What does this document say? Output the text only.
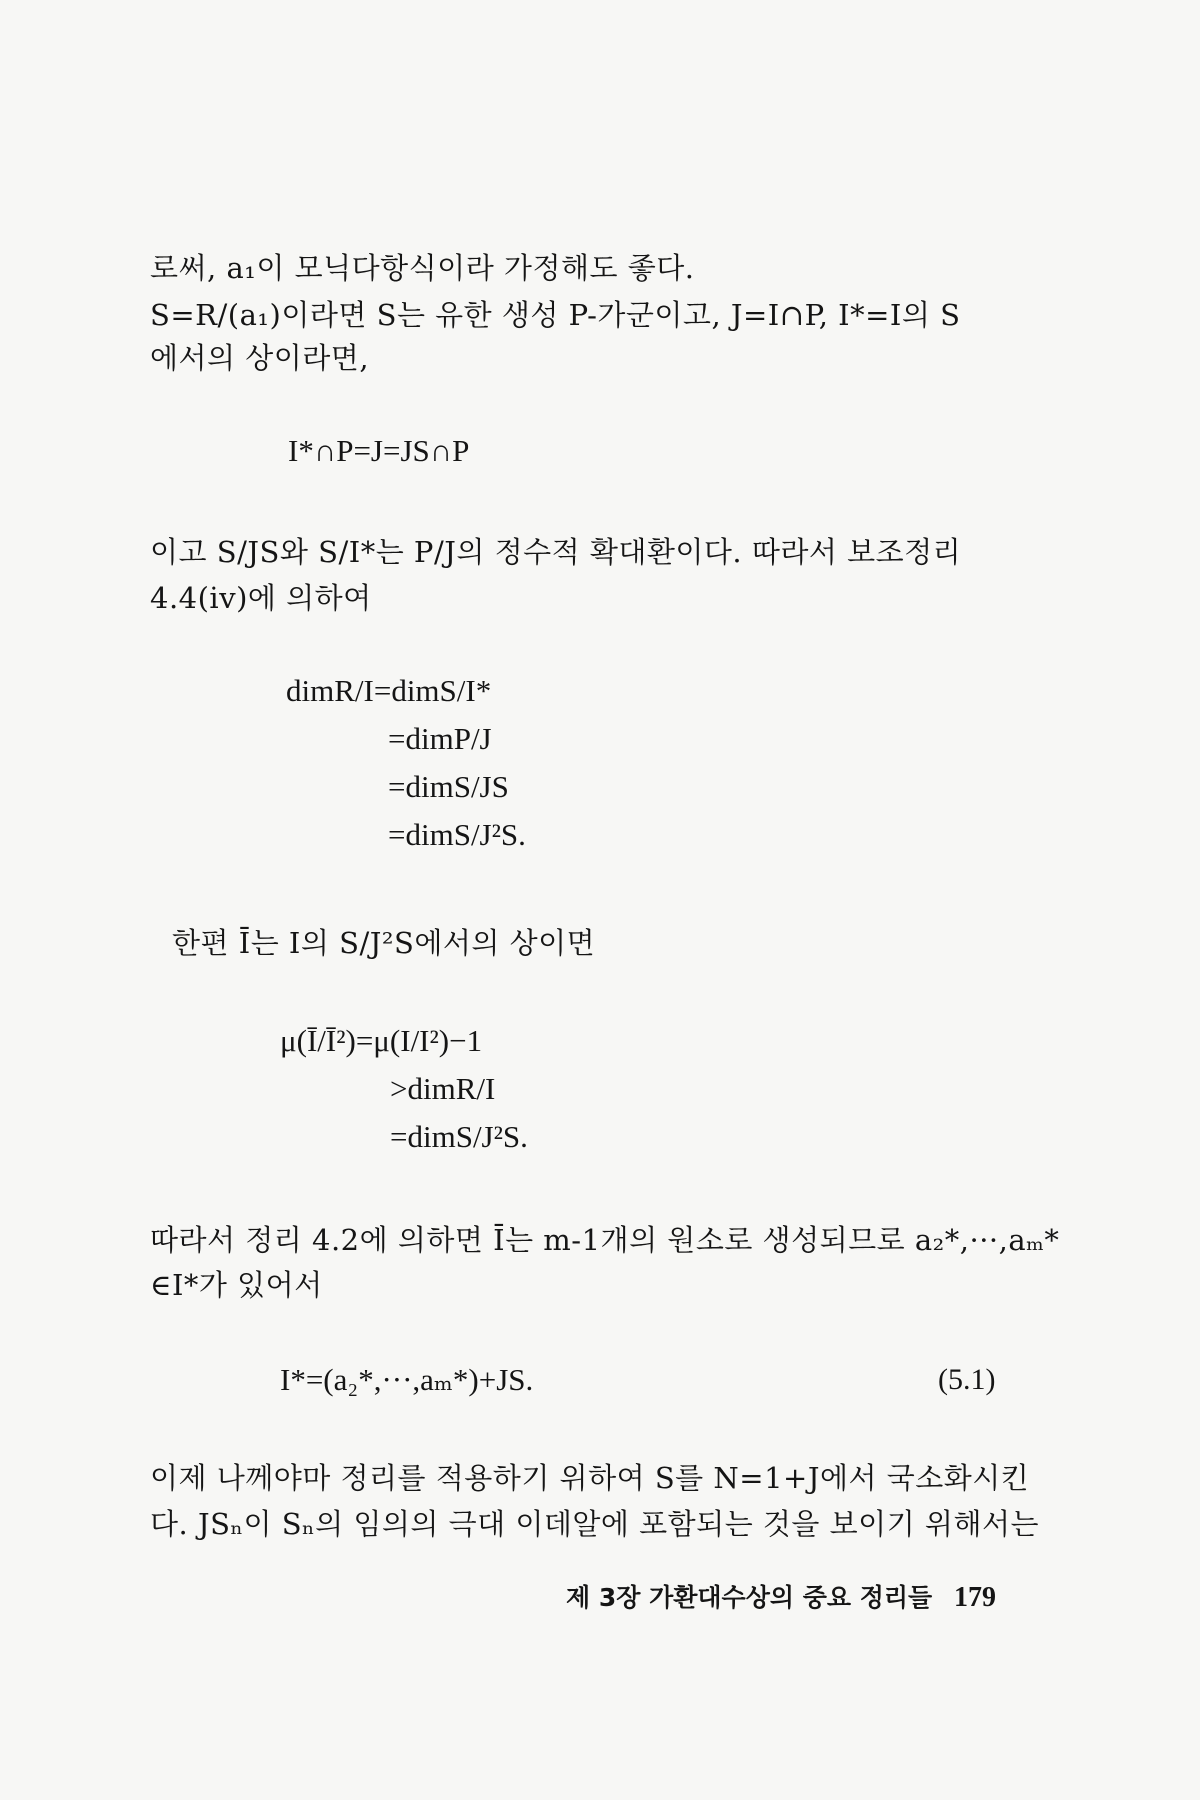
로써, a₁이 모닉다항식이라 가정해도 좋다.
S=R/(a₁)이라면 S는 유한 생성 P-가군이고, J=I∩P, I*=I의 S
에서의 상이라면,
I*∩P=J=JS∩P
이고 S/JS와 S/I*는 P/J의 정수적 확대환이다. 따라서 보조정리
4.4(iv)에 의하여
dimR/I=dimS/I*
=dimP/J
=dimS/JS
=dimS/J²S.
한편 Ī는 I의 S/J²S에서의 상이면
μ(Ī/Ī²)=μ(I/I²)−1
>dimR/I
=dimS/J²S.
따라서 정리 4.2에 의하면 Ī는 m-1개의 원소로 생성되므로 a₂*,···,aₘ*
∈I*가 있어서
I*=(a₂*,···,aₘ*)+JS.	(5.1)
이제 나께야마 정리를 적용하기 위하여 S를 N=1+J에서 국소화시킨
다. JSₙ이 Sₙ의 임의의 극대 이데알에 포함되는 것을 보이기 위해서는
제 3장 가환대수상의 중요 정리들 179
